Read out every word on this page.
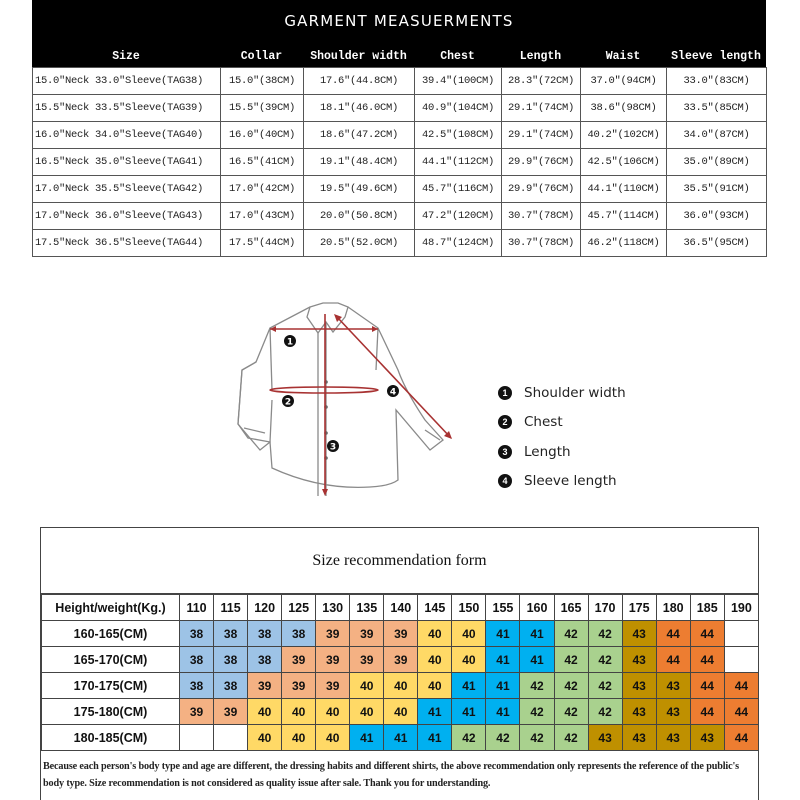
GARMENT MEASUERMENTS
Size	Collar	Shoulder width	Chest	Length	Waist	Sleeve length
15.0″Neck 33.0″Sleeve(TAG38)	15.0″(38CM)	17.6″(44.8CM)	39.4″(100CM)	28.3″(72CM)	37.0″(94CM)	33.0″(83CM)
15.5″Neck 33.5″Sleeve(TAG39)	15.5″(39CM)	18.1″(46.0CM)	40.9″(104CM)	29.1″(74CM)	38.6″(98CM)	33.5″(85CM)
16.0″Neck 34.0″Sleeve(TAG40)	16.0″(40CM)	18.6″(47.2CM)	42.5″(108CM)	29.1″(74CM)	40.2″(102CM)	34.0″(87CM)
16.5″Neck 35.0″Sleeve(TAG41)	16.5″(41CM)	19.1″(48.4CM)	44.1″(112CM)	29.9″(76CM)	42.5″(106CM)	35.0″(89CM)
17.0″Neck 35.5″Sleeve(TAG42)	17.0″(42CM)	19.5″(49.6CM)	45.7″(116CM)	29.9″(76CM)	44.1″(110CM)	35.5″(91CM)
17.0″Neck 36.0″Sleeve(TAG43)	17.0″(43CM)	20.0″(50.8CM)	47.2″(120CM)	30.7″(78CM)	45.7″(114CM)	36.0″(93CM)
17.5″Neck 36.5″Sleeve(TAG44)	17.5″(44CM)	20.5″(52.0CM)	48.7″(124CM)	30.7″(78CM)	46.2″(118CM)	36.5″(95CM)
1
2
3
4	1	Shoulder width
2	Chest
3	Length
4	Sleeve length
Size recommendation form
Height/weight(Kg.)	110	115	120	125	130	135	140	145	150	155	160	165	170	175	180	185	190
160-165(CM)	38	38	38	38	39	39	39	40	40	41	41	42	42	43	44	44	
165-170(CM)	38	38	38	39	39	39	39	40	40	41	41	42	42	43	44	44	
170-175(CM)	38	38	39	39	39	40	40	40	41	41	42	42	42	43	43	44	44
175-180(CM)	39	39	40	40	40	40	40	41	41	41	42	42	42	43	43	44	44
180-185(CM)			40	40	40	41	41	41	42	42	42	42	43	43	43	43	44
Because each person's body type and age are different, the dressing habits and different shirts, the above recommendation only represents the reference of the public's body type. Size recommendation is not considered as quality issue after sale. Thank you for understanding.
